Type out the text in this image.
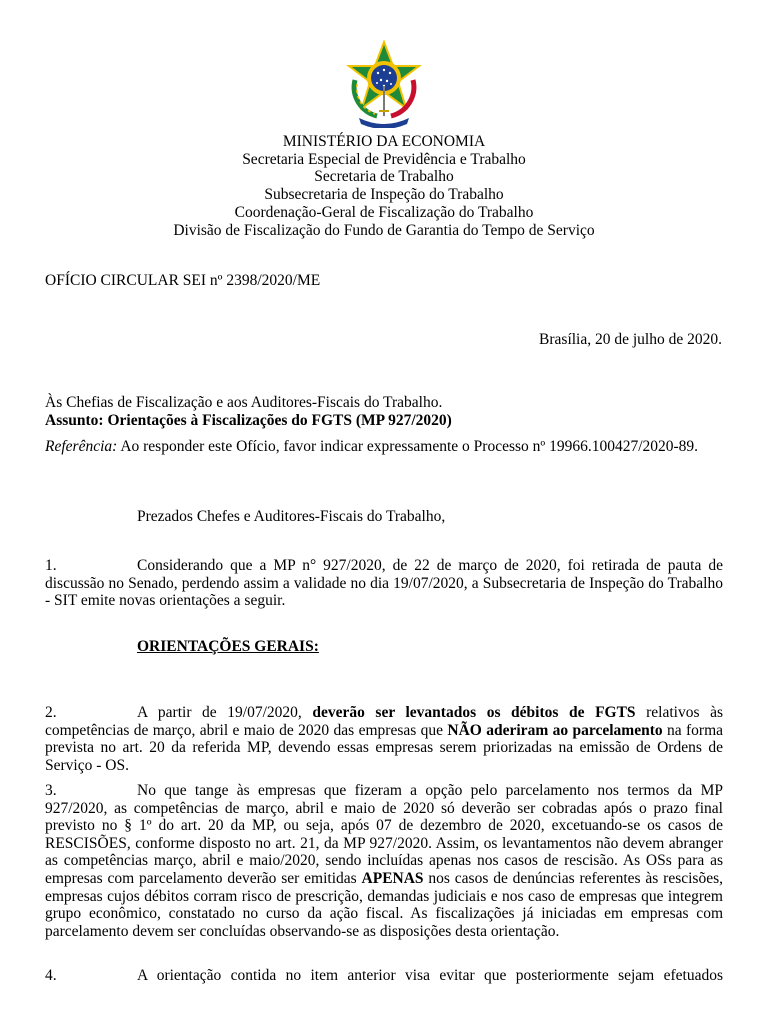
MINISTÉRIO DA ECONOMIA
Secretaria Especial de Previdência e Trabalho
Secretaria de Trabalho
Subsecretaria de Inspeção do Trabalho
Coordenação-Geral de Fiscalização do Trabalho
Divisão de Fiscalização do Fundo de Garantia do Tempo de Serviço
OFÍCIO CIRCULAR SEI nº 2398/2020/ME
Brasília, 20 de julho de 2020.
Às Chefias de Fiscalização e aos Auditores-Fiscais do Trabalho.
Assunto: Orientações à Fiscalizações do FGTS (MP 927/2020)
Referência: Ao responder este Ofício, favor indicar expressamente o Processo nº 19966.100427/2020-89.
Prezados Chefes e Auditores-Fiscais do Trabalho,
1.	Considerando que a MP n° 927/2020, de 22 de março de 2020, foi retirada de pauta de discussão no Senado, perdendo assim a validade no dia 19/07/2020, a Subsecretaria de Inspeção do Trabalho - SIT emite novas orientações a seguir.
ORIENTAÇÕES GERAIS:
2.	A partir de 19/07/2020, deverão ser levantados os débitos de FGTS relativos às competências de março, abril e maio de 2020 das empresas que NÃO aderiram ao parcelamento na forma prevista no art. 20 da referida MP, devendo essas empresas serem priorizadas na emissão de Ordens de Serviço - OS.
3.	No que tange às empresas que fizeram a opção pelo parcelamento nos termos da MP 927/2020, as competências de março, abril e maio de 2020 só deverão ser cobradas após o prazo final previsto no § 1º do art. 20 da MP, ou seja, após 07 de dezembro de 2020, excetuando-se os casos de RESCISÕES, conforme disposto no art. 21, da MP 927/2020. Assim, os levantamentos não devem abranger as competências março, abril e maio/2020, sendo incluídas apenas nos casos de rescisão. As OSs para as empresas com parcelamento deverão ser emitidas APENAS nos casos de denúncias referentes às rescisões, empresas cujos débitos corram risco de prescrição, demandas judiciais e nos caso de empresas que integrem grupo econômico, constatado no curso da ação fiscal. As fiscalizações já iniciadas em empresas com parcelamento devem ser concluídas observando-se as disposições desta orientação.
4.	A orientação contida no item anterior visa evitar que posteriormente sejam efetuados
